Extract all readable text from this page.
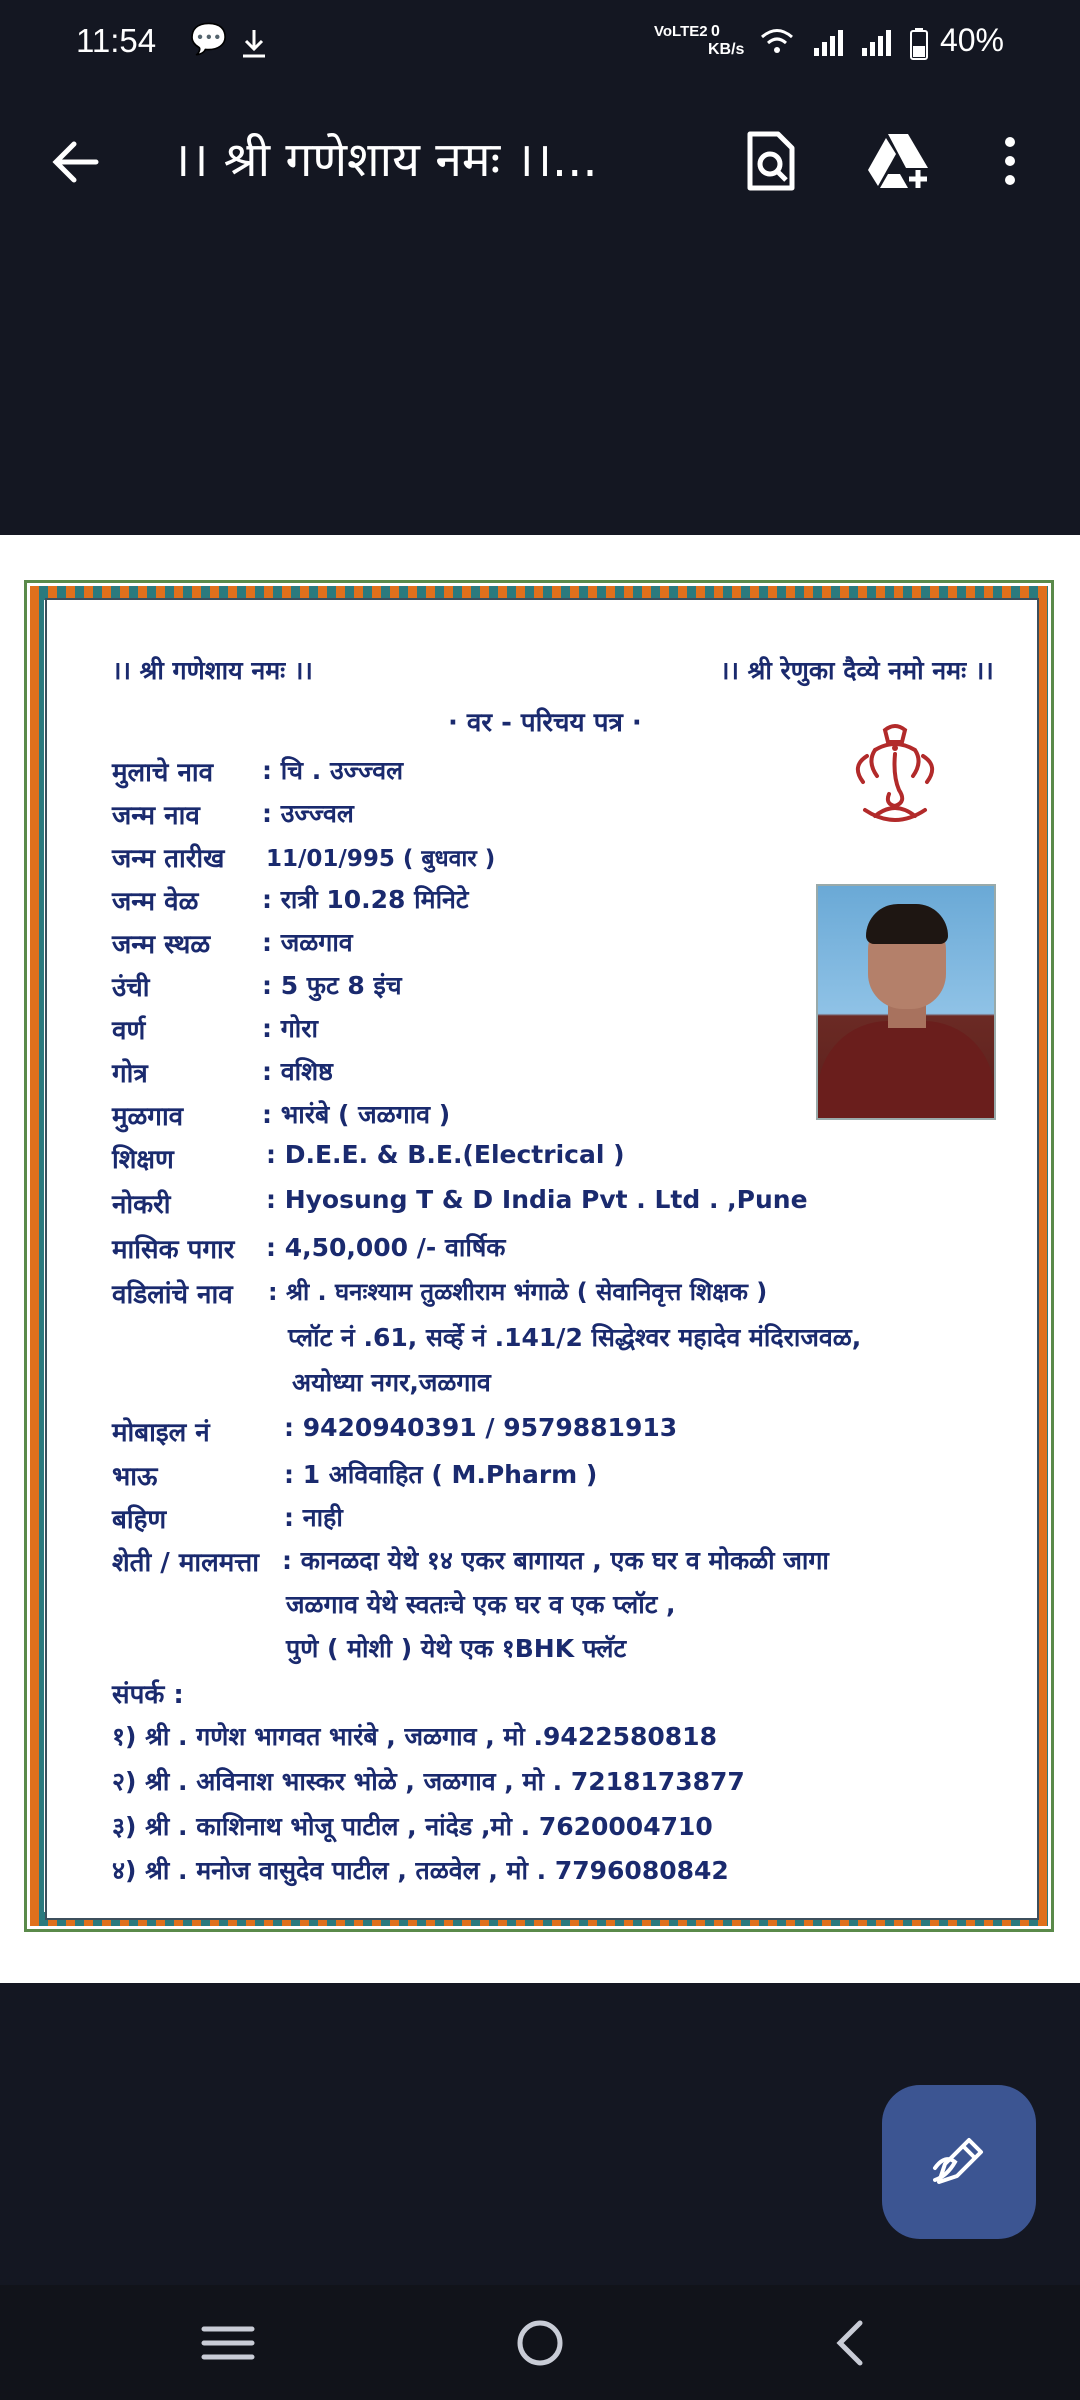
11:54 💬	VoLTE2 0
KB/s	40%
।। श्री गणेशाय नमः ।।...
।। श्री गणेशाय नमः ।।	।। श्री रेणुका दैव्ये नमो नमः ।।
· वर - परिचय पत्र ·
मुलाचे नाव : चि . उज्ज्वल
जन्म नाव : उज्ज्वल
जन्म तारीख 11/01/995 ( बुधवार )
जन्म वेळ	: रात्री 10.28 मिनिटे
जन्म स्थळ : जळगाव
उंची	: 5 फुट 8 इंच
वर्ण	: गोरा
गोत्र	: वशिष्ठ
मुळगाव	: भारंबे ( जळगाव )
शिक्षण	: D.E.E. & B.E.(Electrical )
नोकरी	: Hyosung T & D India Pvt . Ltd . ,Pune
मासिक पगार : 4,50,000 /- वार्षिक
वडिलांचे नाव : श्री . घनःश्याम तुळशीराम भंगाळे ( सेवानिवृत्त शिक्षक )
प्लॉट नं .61, सर्व्हे नं .141/2 सिद्धेश्वर महादेव मंदिराजवळ,
अयोध्या नगर,जळगाव
मोबाइल नं	: 9420940391 / 9579881913
भाऊ	: 1 अविवाहित ( M.Pharm )
बहिण	: नाही
शेती / मालमत्ता : कानळदा येथे १४ एकर बागायत , एक घर व मोकळी जागा
जळगाव येथे स्वतःचे एक घर व एक प्लॉट ,
पुणे ( मोशी ) येथे एक १BHK फ्लॅट
संपर्क :
१) श्री . गणेश भागवत भारंबे , जळगाव , मो .9422580818
२) श्री . अविनाश भास्कर भोळे , जळगाव , मो . 7218173877
३) श्री . काशिनाथ भोजू पाटील , नांदेड ,मो . 7620004710
४) श्री . मनोज वासुदेव पाटील , तळवेल , मो . 7796080842
